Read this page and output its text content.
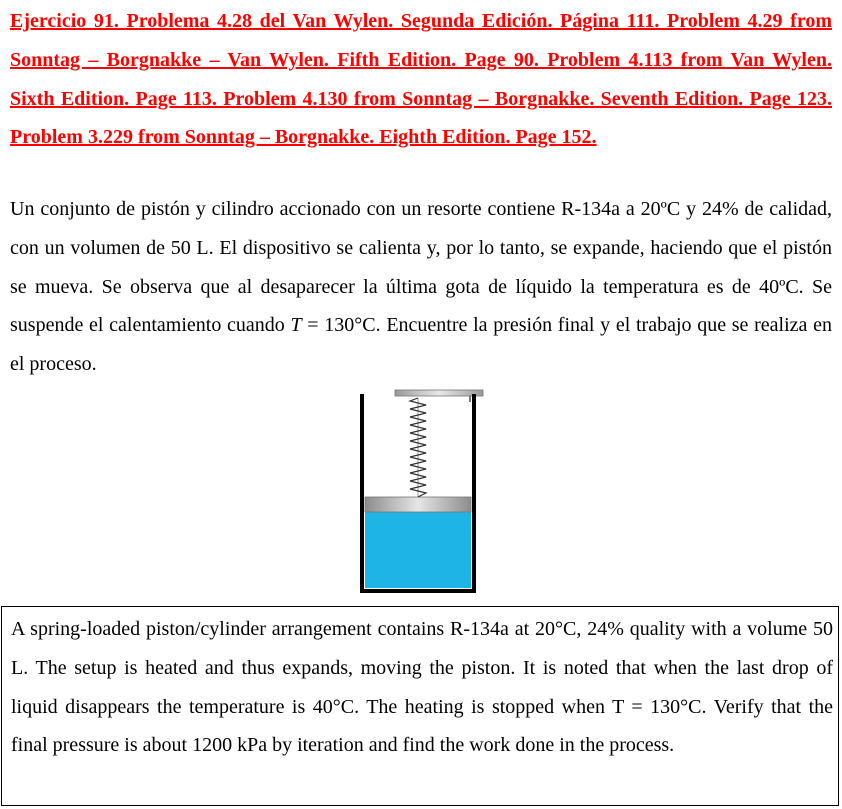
Ejercicio 91. Problema 4.28 del Van Wylen. Segunda Edición. Página 111. Problem 4.29 from Sonntag – Borgnakke – Van Wylen. Fifth Edition. Page 90. Problem 4.113 from Van Wylen. Sixth Edition. Page 113. Problem 4.130 from Sonntag – Borgnakke. Seventh Edition. Page 123. Problem 3.229 from Sonntag – Borgnakke. Eighth Edition. Page 152.
Un conjunto de pistón y cilindro accionado con un resorte contiene R-134a a 20ºC y 24% de calidad, con un volumen de 50 L. El dispositivo se calienta y, por lo tanto, se expande, haciendo que el pistón se mueva. Se observa que al desaparecer la última gota de líquido la temperatura es de 40ºC. Se suspende el calentamiento cuando T = 130°C. Encuentre la presión final y el trabajo que se realiza en el proceso.
A spring-loaded piston/cylinder arrangement contains R-134a at 20°C, 24% quality with a volume 50 L. The setup is heated and thus expands, moving the piston. It is noted that when the last drop of liquid disappears the temperature is 40°C. The heating is stopped when T = 130°C. Verify that the final pressure is about 1200 kPa by iteration and find the work done in the process.
